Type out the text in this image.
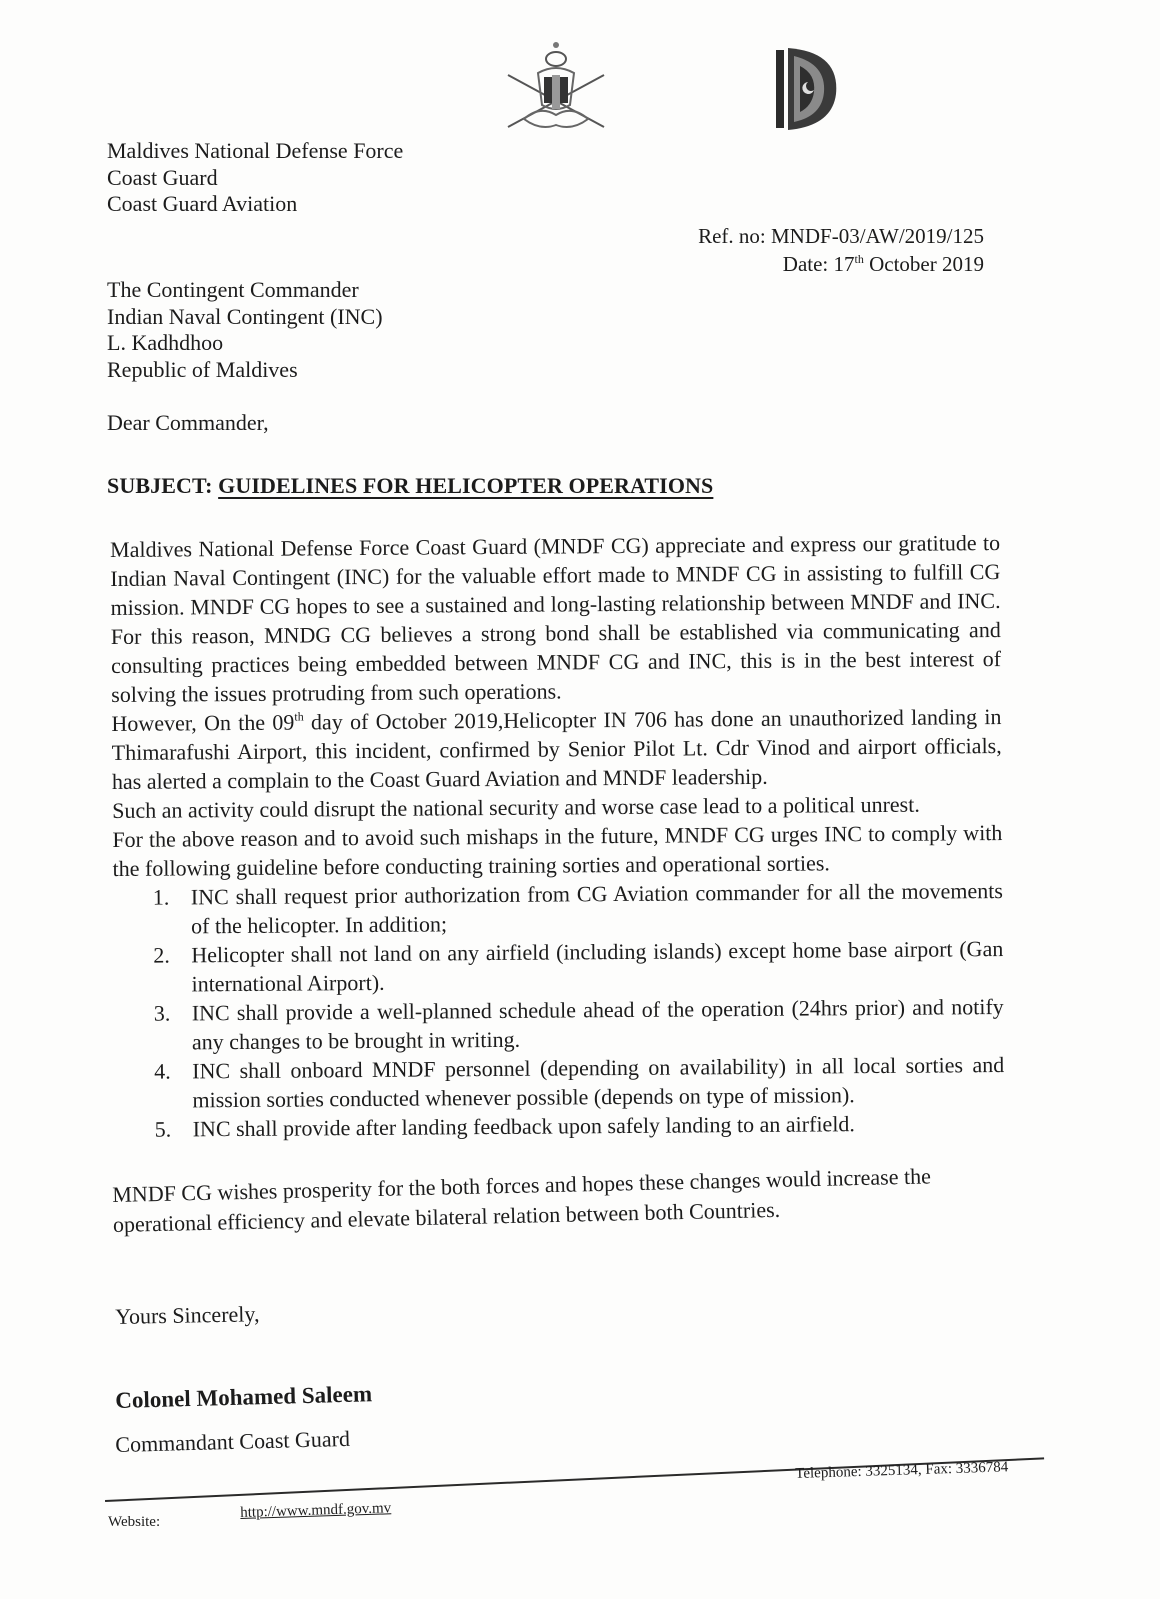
Maldives National Defense Force
Coast Guard
Coast Guard Aviation
Ref. no: MNDF-03/AW/2019/125
Date: 17th October 2019
The Contingent Commander
Indian Naval Contingent (INC)
L. Kadhdhoo
Republic of Maldives
Dear Commander,
SUBJECT: GUIDELINES FOR HELICOPTER OPERATIONS

Maldives National Defense Force Coast Guard (MNDF CG) appreciate and express our gratitude to Indian Naval Contingent (INC) for the valuable effort made to MNDF CG in assisting to fulfill CG mission. MNDF CG hopes to see a sustained and long-lasting relationship between MNDF and INC. For this reason, MNDG CG believes a strong bond shall be established via communicating and consulting practices being embedded between MNDF CG and INC, this is in the best interest of solving the issues protruding from such operations.

However, On the 09th day of October 2019,Helicopter IN 706 has done an unauthorized landing in Thimarafushi Airport, this incident, confirmed by Senior Pilot Lt. Cdr Vinod and airport officials, has alerted a complain to the Coast Guard Aviation and MNDF leadership.

Such an activity could disrupt the national security and worse case lead to a political unrest.

For the above reason and to avoid such mishaps in the future, MNDF CG urges INC to comply with the following guideline before conducting training sorties and operational sorties.

1. INC shall request prior authorization from CG Aviation commander for all the movements of the helicopter. In addition;
2. Helicopter shall not land on any airfield (including islands) except home base airport (Gan international Airport).
3. INC shall provide a well-planned schedule ahead of the operation (24hrs prior) and notify any changes to be brought in writing.
4. INC shall onboard MNDF personnel (depending on availability) in all local sorties and mission sorties conducted whenever possible (depends on type of mission).
5. INC shall provide after landing feedback upon safely landing to an airfield.
MNDF CG wishes prosperity for the both forces and hopes these changes would increase the operational efficiency and elevate bilateral relation between both Countries.
Yours Sincerely,
Colonel Mohamed Saleem
Commandant Coast Guard
Telephone: 3325134, Fax: 3336784
Website:
http://www.mndf.gov.mv
